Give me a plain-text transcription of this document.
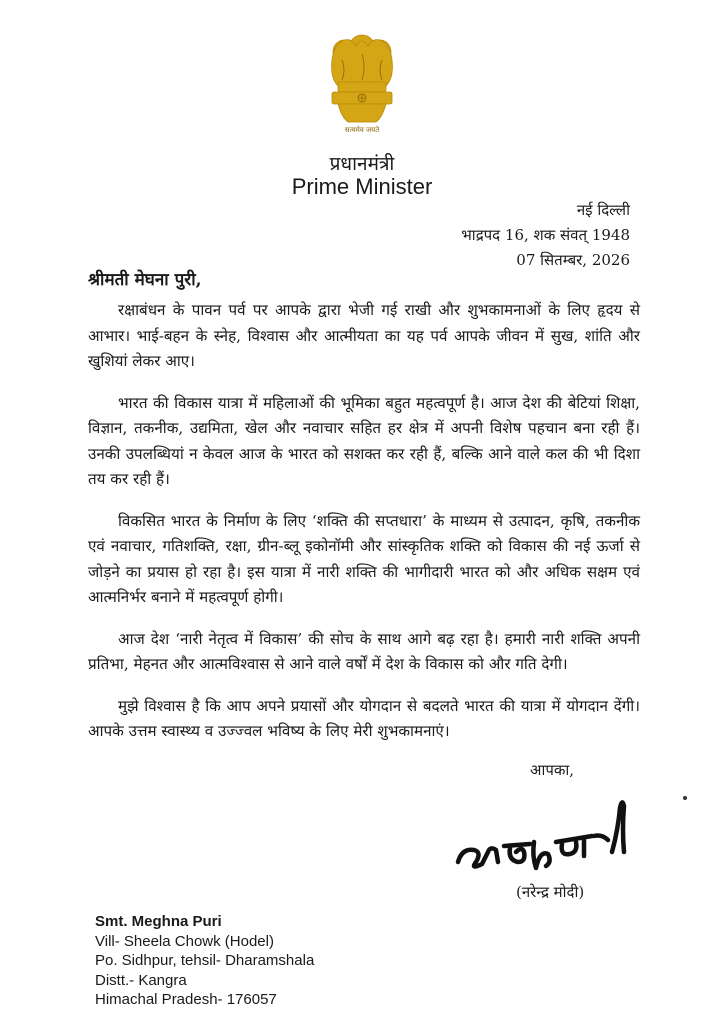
सत्यमेव जयते
प्रधानमंत्री
Prime Minister
नई दिल्ली
भाद्रपद 16, शक संवत् 1948
07 सितम्बर, 2026
श्रीमती मेघना पुरी,

रक्षाबंधन के पावन पर्व पर आपके द्वारा भेजी गई राखी और शुभकामनाओं के लिए हृदय से आभार। भाई-बहन के स्नेह, विश्वास और आत्मीयता का यह पर्व आपके जीवन में सुख, शांति और खुशियां लेकर आए।

भारत की विकास यात्रा में महिलाओं की भूमिका बहुत महत्वपूर्ण है। आज देश की बेटियां शिक्षा, विज्ञान, तकनीक, उद्यमिता, खेल और नवाचार सहित हर क्षेत्र में अपनी विशेष पहचान बना रही हैं। उनकी उपलब्धियां न केवल आज के भारत को सशक्त कर रही हैं, बल्कि आने वाले कल की भी दिशा तय कर रही हैं।

विकसित भारत के निर्माण के लिए ‘शक्ति की सप्तधारा’ के माध्यम से उत्पादन, कृषि, तकनीक एवं नवाचार, गतिशक्ति, रक्षा, ग्रीन-ब्लू इकोनॉमी और सांस्कृतिक शक्ति को विकास की नई ऊर्जा से जोड़ने का प्रयास हो रहा है। इस यात्रा में नारी शक्ति की भागीदारी भारत को और अधिक सक्षम एवं आत्मनिर्भर बनाने में महत्वपूर्ण होगी।

आज देश ‘नारी नेतृत्व में विकास’ की सोच के साथ आगे बढ़ रहा है। हमारी नारी शक्ति अपनी प्रतिभा, मेहनत और आत्मविश्वास से आने वाले वर्षों में देश के विकास को और गति देगी।

मुझे विश्वास है कि आप अपने प्रयासों और योगदान से बदलते भारत की यात्रा में योगदान देंगी। आपके उत्तम स्वास्थ्य व उज्ज्वल भविष्य के लिए मेरी शुभकामनाएं।

आपका,
(नरेन्द्र मोदी)
Smt. Meghna Puri
Vill- Sheela Chowk (Hodel)
Po. Sidhpur, tehsil- Dharamshala
Distt.- Kangra
Himachal Pradesh- 176057
